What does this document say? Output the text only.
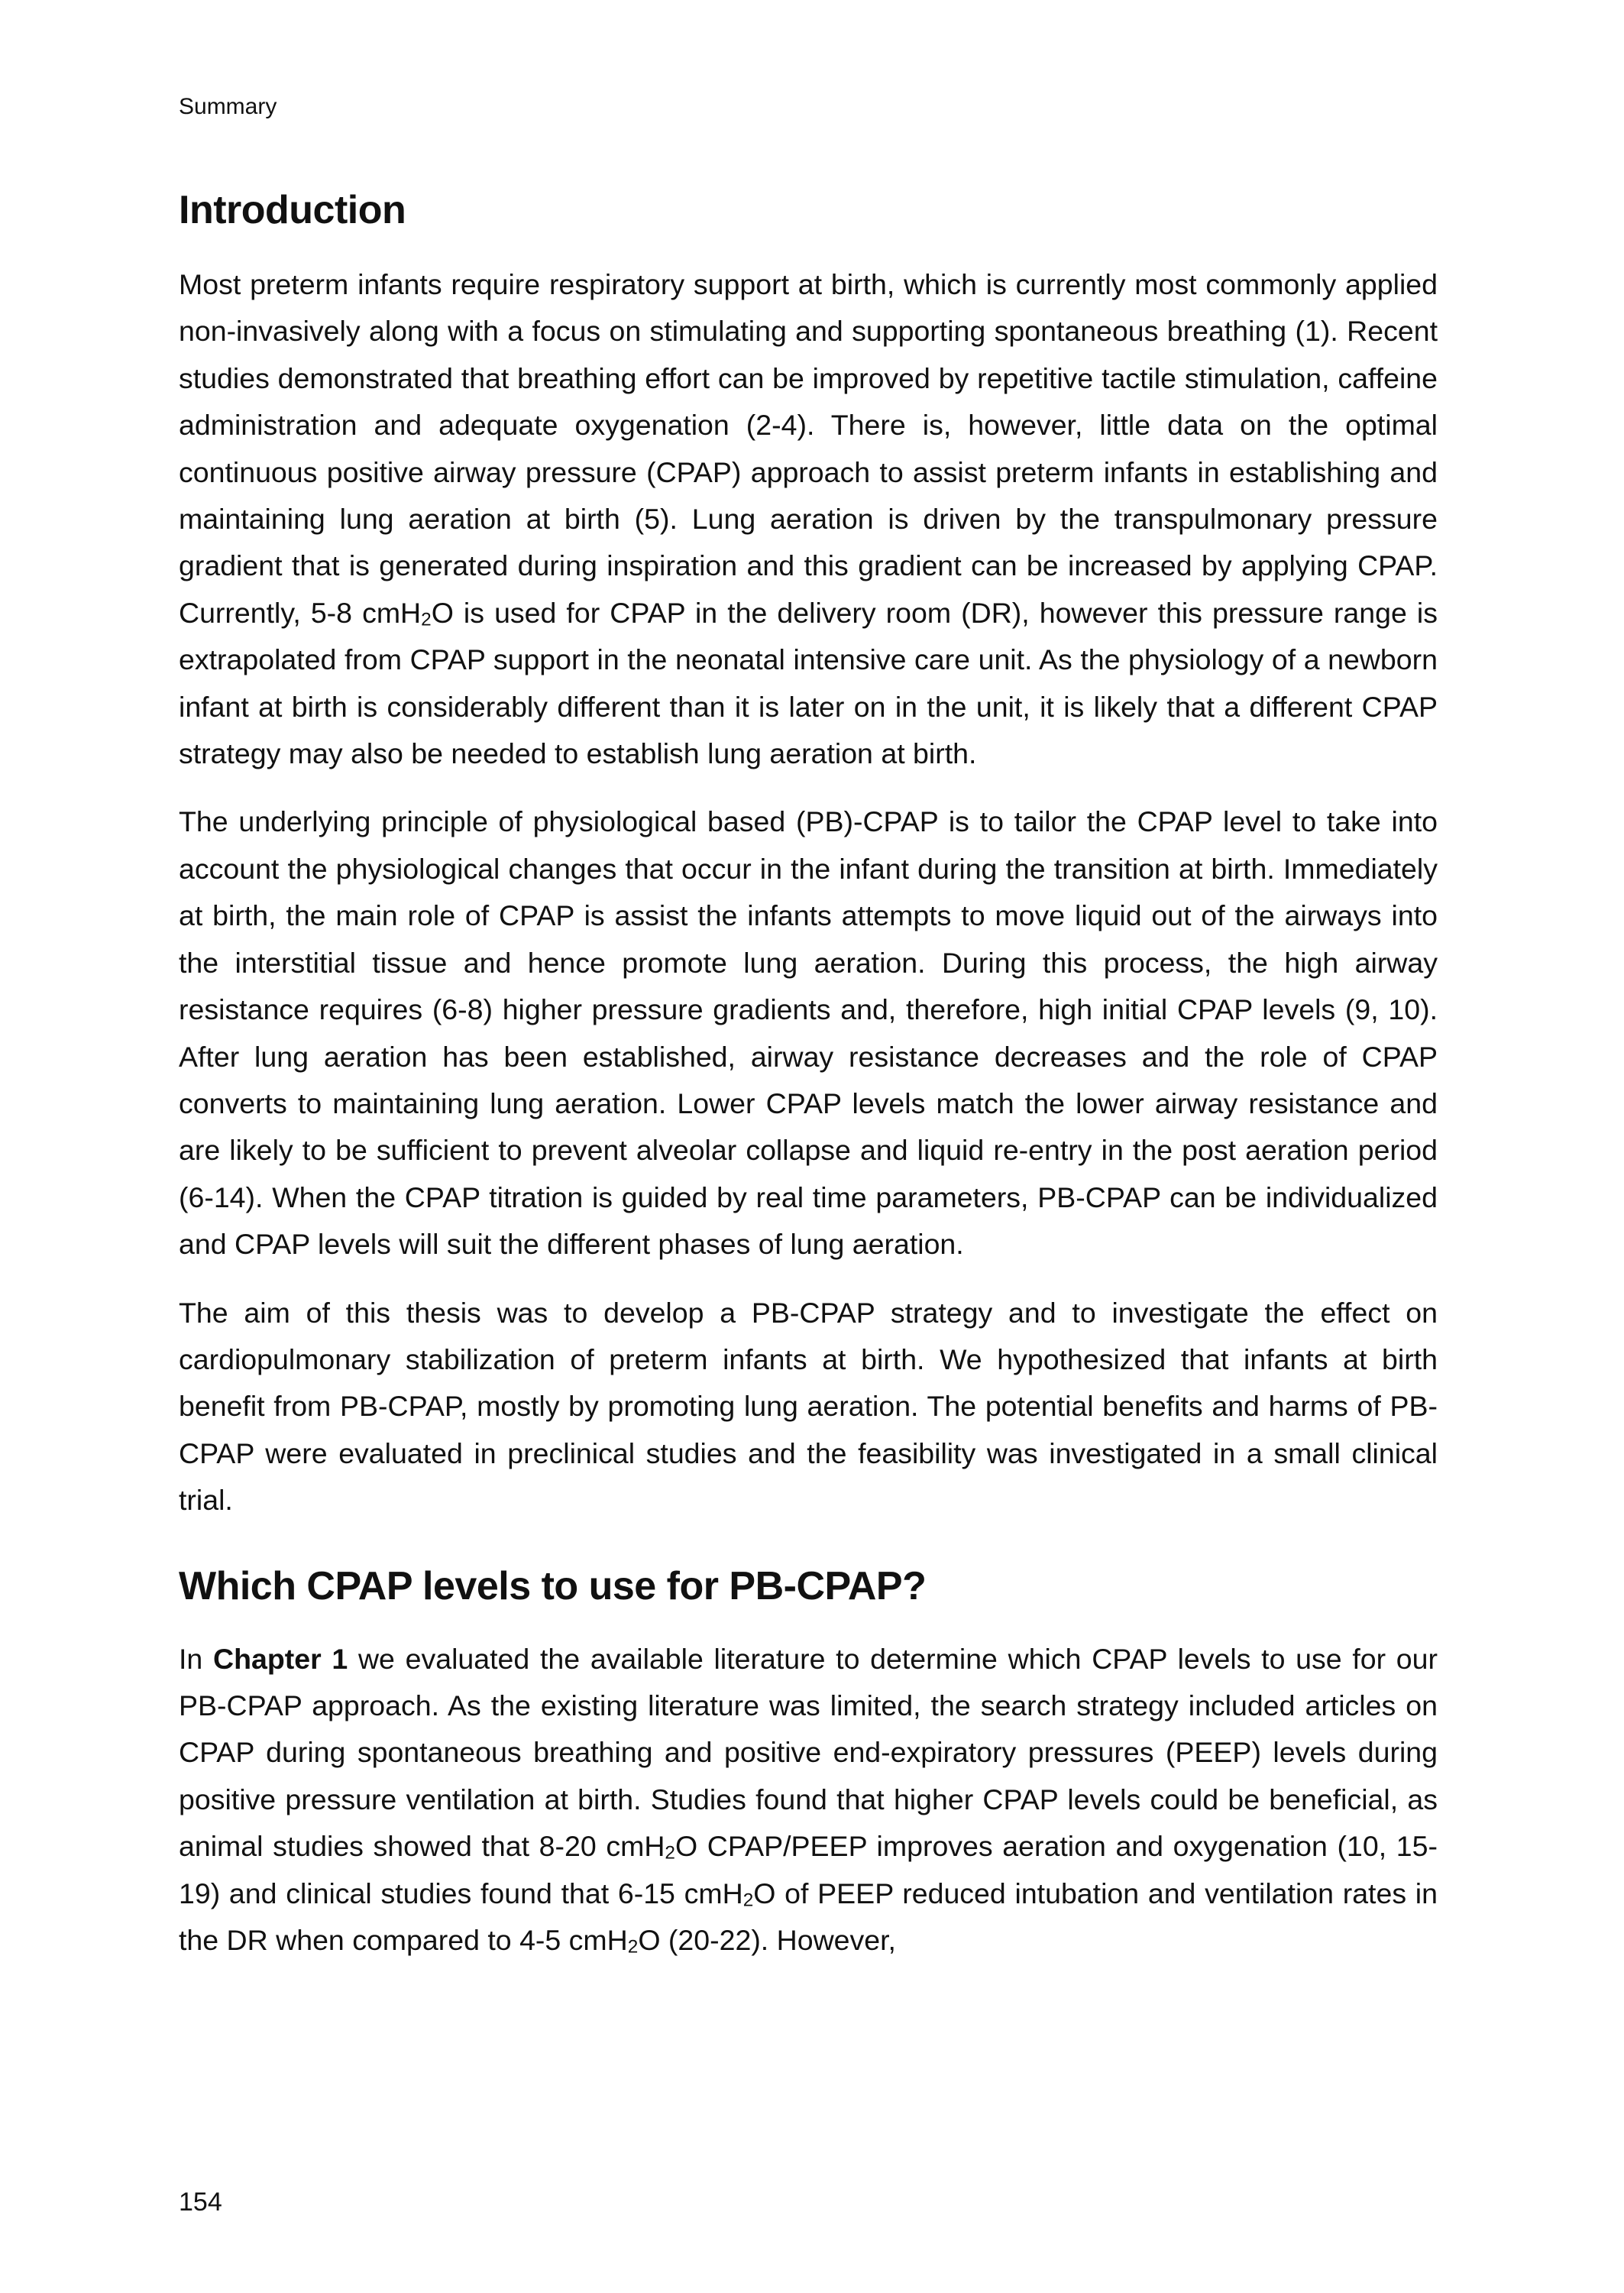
Summary
Introduction

Most preterm infants require respiratory support at birth, which is currently most commonly applied non-invasively along with a focus on stimulating and supporting spontaneous breathing (1). Recent studies demonstrated that breathing effort can be improved by repetitive tactile stimulation, caffeine administration and adequate oxygenation (2-4). There is, however, little data on the optimal continuous positive airway pressure (CPAP) approach to assist preterm infants in establishing and maintaining lung aeration at birth (5). Lung aeration is driven by the transpulmonary pressure gradient that is generated during inspiration and this gradient can be increased by applying CPAP. Currently, 5-8 cmH$_2$O is used for CPAP in the delivery room (DR), however this pressure range is extrapolated from CPAP support in the neonatal intensive care unit. As the physiology of a newborn infant at birth is considerably different than it is later on in the unit, it is likely that a different CPAP strategy may also be needed to establish lung aeration at birth.

The underlying principle of physiological based (PB)-CPAP is to tailor the CPAP level to take into account the physiological changes that occur in the infant during the transition at birth. Immediately at birth, the main role of CPAP is assist the infants attempts to move liquid out of the airways into the interstitial tissue and hence promote lung aeration. During this process, the high airway resistance requires (6-8) higher pressure gradients and, therefore, high initial CPAP levels (9, 10). After lung aeration has been established, airway resistance decreases and the role of CPAP converts to maintaining lung aeration. Lower CPAP levels match the lower airway resistance and are likely to be sufficient to prevent alveolar collapse and liquid re-entry in the post aeration period (6-14). When the CPAP titration is guided by real time parameters, PB-CPAP can be individualized and CPAP levels will suit the different phases of lung aeration.

The aim of this thesis was to develop a PB-CPAP strategy and to investigate the effect on cardiopulmonary stabilization of preterm infants at birth. We hypothesized that infants at birth benefit from PB-CPAP, mostly by promoting lung aeration. The potential benefits and harms of PB-CPAP were evaluated in preclinical studies and the feasibility was investigated in a small clinical trial.

Which CPAP levels to use for PB-CPAP?

In Chapter 1 we evaluated the available literature to determine which CPAP levels to use for our PB-CPAP approach. As the existing literature was limited, the search strategy included articles on CPAP during spontaneous breathing and positive end-expiratory pressures (PEEP) levels during positive pressure ventilation at birth. Studies found that higher CPAP levels could be beneficial, as animal studies showed that 8-20 cmH$_2$O CPAP/PEEP improves aeration and oxygenation (10, 15-19) and clinical studies found that 6-15 cmH$_2$O of PEEP reduced intubation and ventilation rates in the DR when compared to 4-5 cmH$_2$O (20-22). However,

154
